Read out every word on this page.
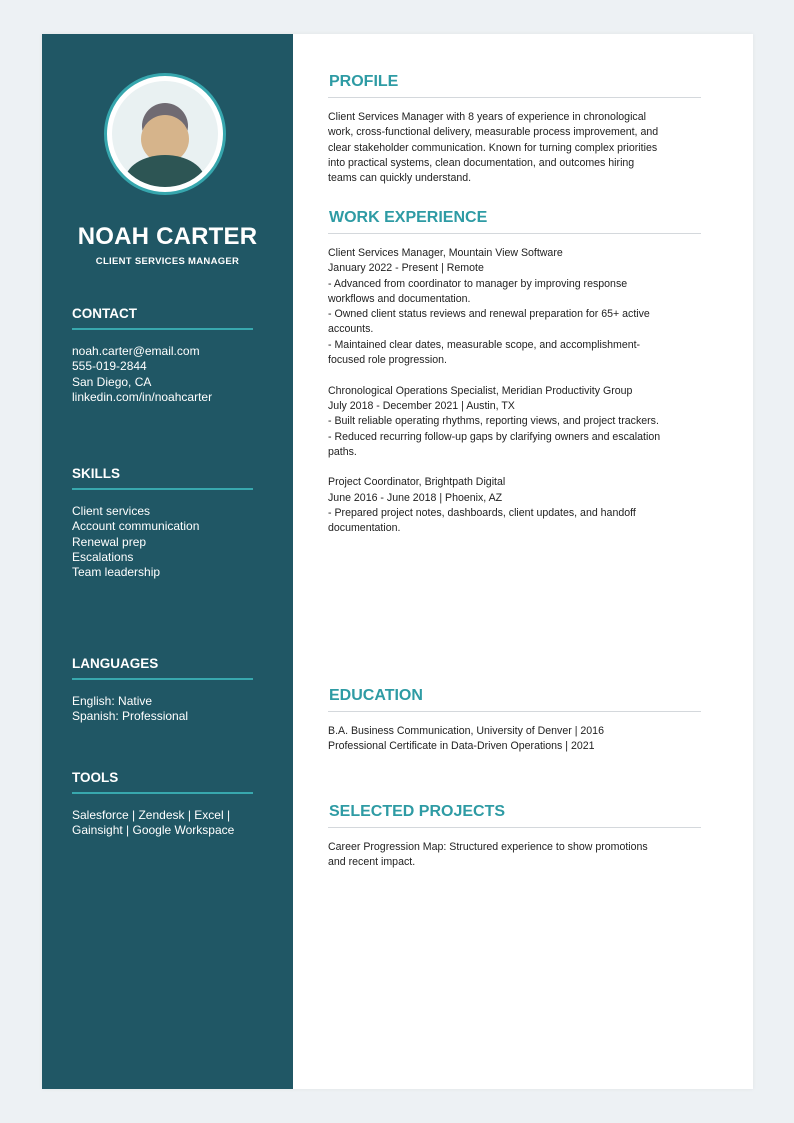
NOAH CARTER
CLIENT SERVICES MANAGER
CONTACT
noah.carter@email.com
555-019-2844
San Diego, CA
linkedin.com/in/noahcarter
SKILLS
Client services
Account communication
Renewal prep
Escalations
Team leadership
LANGUAGES
English: Native
Spanish: Professional
TOOLS
Salesforce | Zendesk | Excel |
Gainsight | Google Workspace
PROFILE
Client Services Manager with 8 years of experience in chronological
work, cross-functional delivery, measurable process improvement, and
clear stakeholder communication. Known for turning complex priorities
into practical systems, clean documentation, and outcomes hiring
teams can quickly understand.
WORK EXPERIENCE
Client Services Manager, Mountain View Software
January 2022 - Present | Remote
- Advanced from coordinator to manager by improving response
workflows and documentation.
- Owned client status reviews and renewal preparation for 65+ active
accounts.
- Maintained clear dates, measurable scope, and accomplishment-
focused role progression.
Chronological Operations Specialist, Meridian Productivity Group
July 2018 - December 2021 | Austin, TX
- Built reliable operating rhythms, reporting views, and project trackers.
- Reduced recurring follow-up gaps by clarifying owners and escalation
paths.
Project Coordinator, Brightpath Digital
June 2016 - June 2018 | Phoenix, AZ
- Prepared project notes, dashboards, client updates, and handoff
documentation.
EDUCATION
B.A. Business Communication, University of Denver | 2016
Professional Certificate in Data-Driven Operations | 2021
SELECTED PROJECTS
Career Progression Map: Structured experience to show promotions
and recent impact.
